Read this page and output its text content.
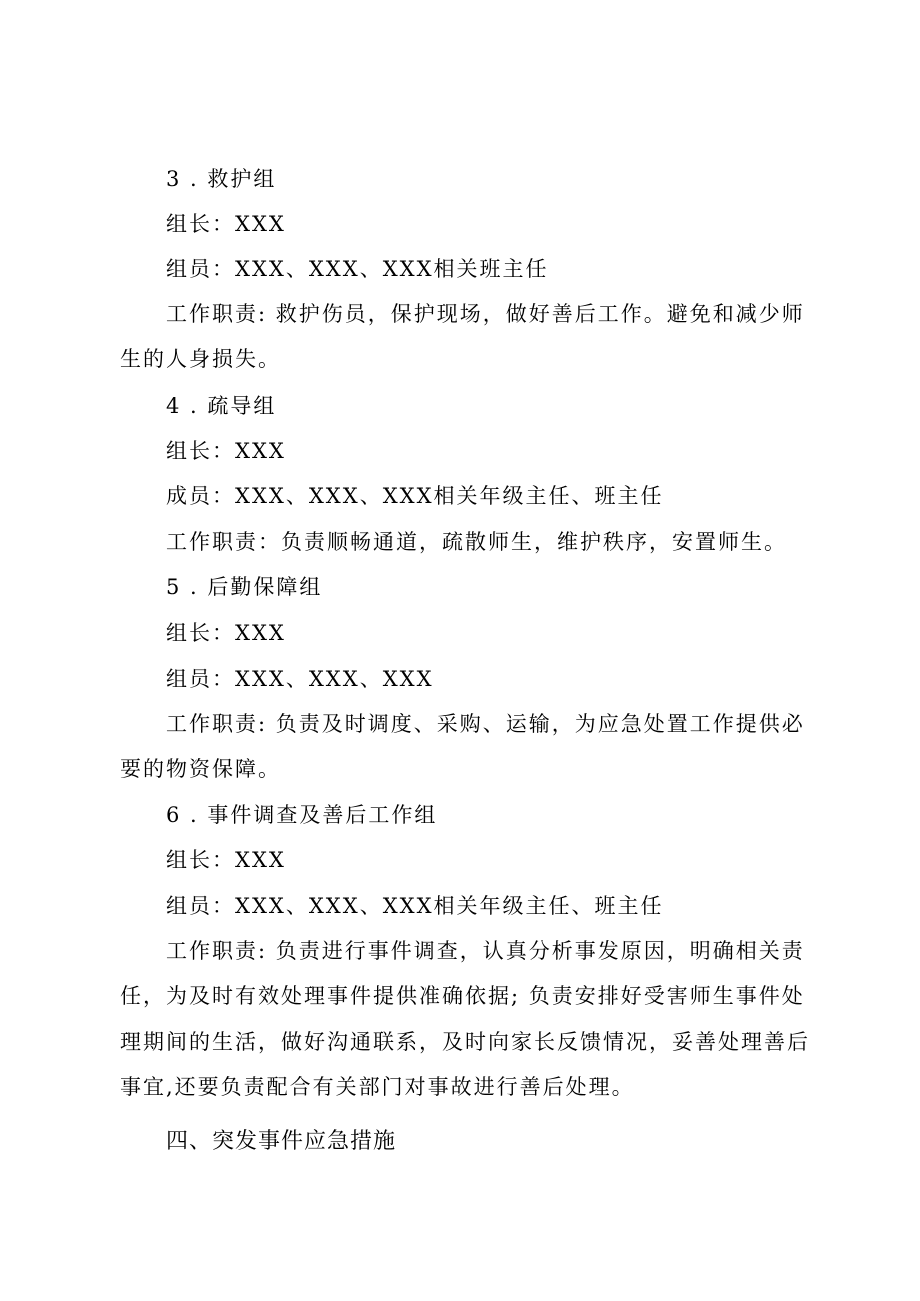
3 . 救护组
组长：XXX
组员：XXX、XXX、XXX相关班主任
工作职责: 救护伤员，保护现场，做好善后工作。避免和减少师
生的人身损失。
4 . 疏导组
组长：XXX
成员：XXX、XXX、XXX相关年级主任、班主任
工作职责：负责顺畅通道，疏散师生，维护秩序，安置师生。
5 . 后勤保障组
组长：XXX
组员：XXX、XXX、XXX
工作职责: 负责及时调度、采购、运输，为应急处置工作提供必
要的物资保障。
6 . 事件调查及善后工作组
组长：XXX
组员：XXX、XXX、XXX相关年级主任、班主任
工作职责: 负责进行事件调查，认真分析事发原因，明确相关责
任，为及时有效处理事件提供准确依据; 负责安排好受害师生事件处
理期间的生活，做好沟通联系，及时向家长反馈情况，妥善处理善后
事宜,还要负责配合有关部门对事故进行善后处理。
四、突发事件应急措施
